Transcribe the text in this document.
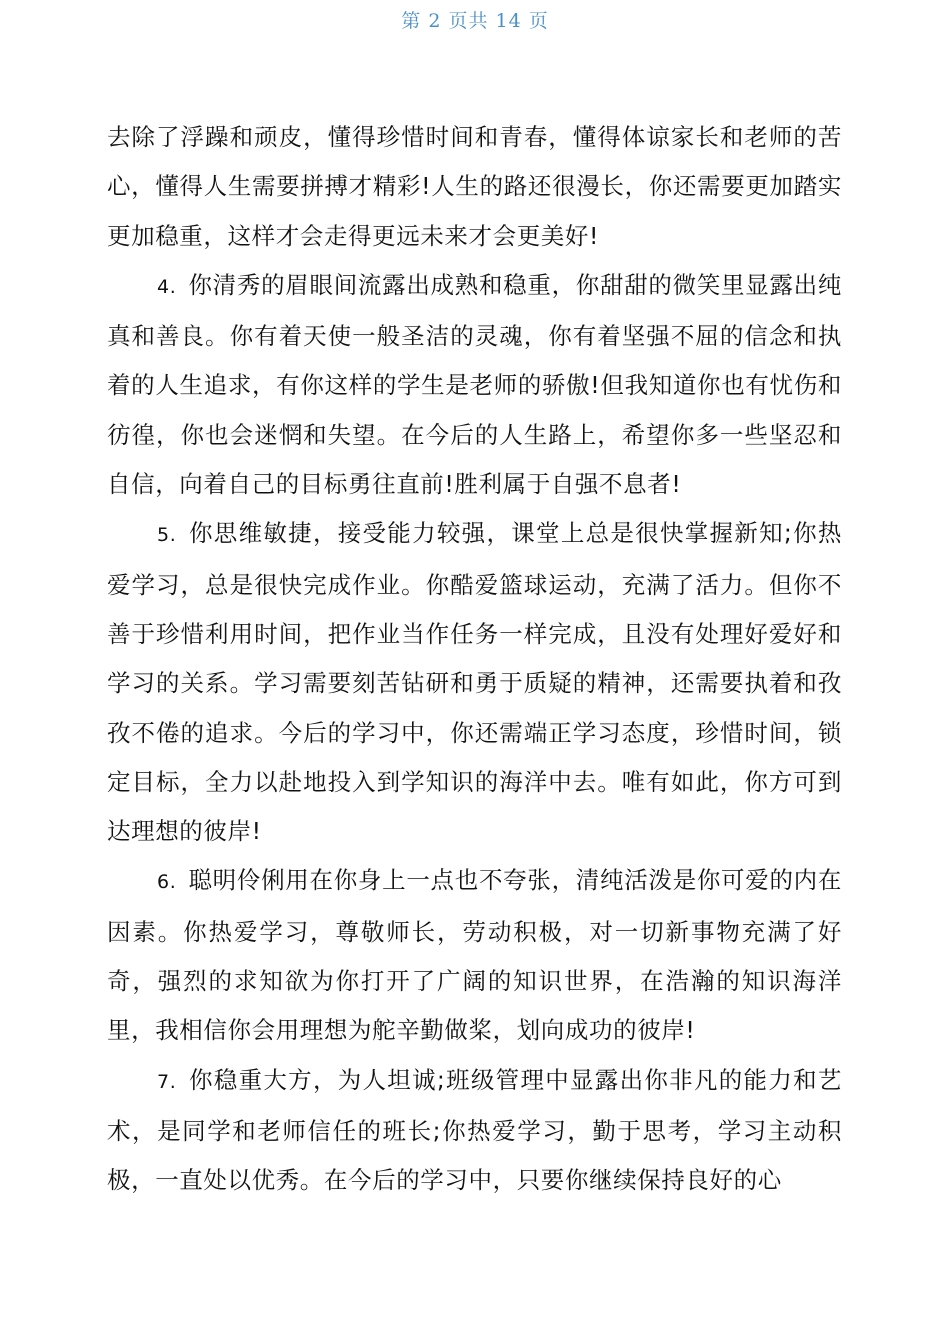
第 2 页共 14 页

去除了浮躁和顽皮，懂得珍惜时间和青春，懂得体谅家长和老师的苦心，懂得人生需要拼搏才精彩!人生的路还很漫长，你还需要更加踏实更加稳重，这样才会走得更远未来才会更美好!

4. 你清秀的眉眼间流露出成熟和稳重，你甜甜的微笑里显露出纯真和善良。你有着天使一般圣洁的灵魂，你有着坚强不屈的信念和执着的人生追求，有你这样的学生是老师的骄傲!但我知道你也有忧伤和彷徨，你也会迷惘和失望。在今后的人生路上，希望你多一些坚忍和自信，向着自己的目标勇往直前!胜利属于自强不息者!

5. 你思维敏捷，接受能力较强，课堂上总是很快掌握新知;你热爱学习，总是很快完成作业。你酷爱篮球运动，充满了活力。但你不善于珍惜利用时间，把作业当作任务一样完成，且没有处理好爱好和学习的关系。学习需要刻苦钻研和勇于质疑的精神，还需要执着和孜孜不倦的追求。今后的学习中，你还需端正学习态度，珍惜时间，锁定目标，全力以赴地投入到学知识的海洋中去。唯有如此，你方可到达理想的彼岸!

6. 聪明伶俐用在你身上一点也不夸张，清纯活泼是你可爱的内在因素。你热爱学习，尊敬师长，劳动积极，对一切新事物充满了好奇，强烈的求知欲为你打开了广阔的知识世界，在浩瀚的知识海洋里，我相信你会用理想为舵辛勤做桨，划向成功的彼岸!

7. 你稳重大方，为人坦诚;班级管理中显露出你非凡的能力和艺术，是同学和老师信任的班长;你热爱学习，勤于思考，学习主动积极，一直处以优秀。在今后的学习中，只要你继续保持良好的心
